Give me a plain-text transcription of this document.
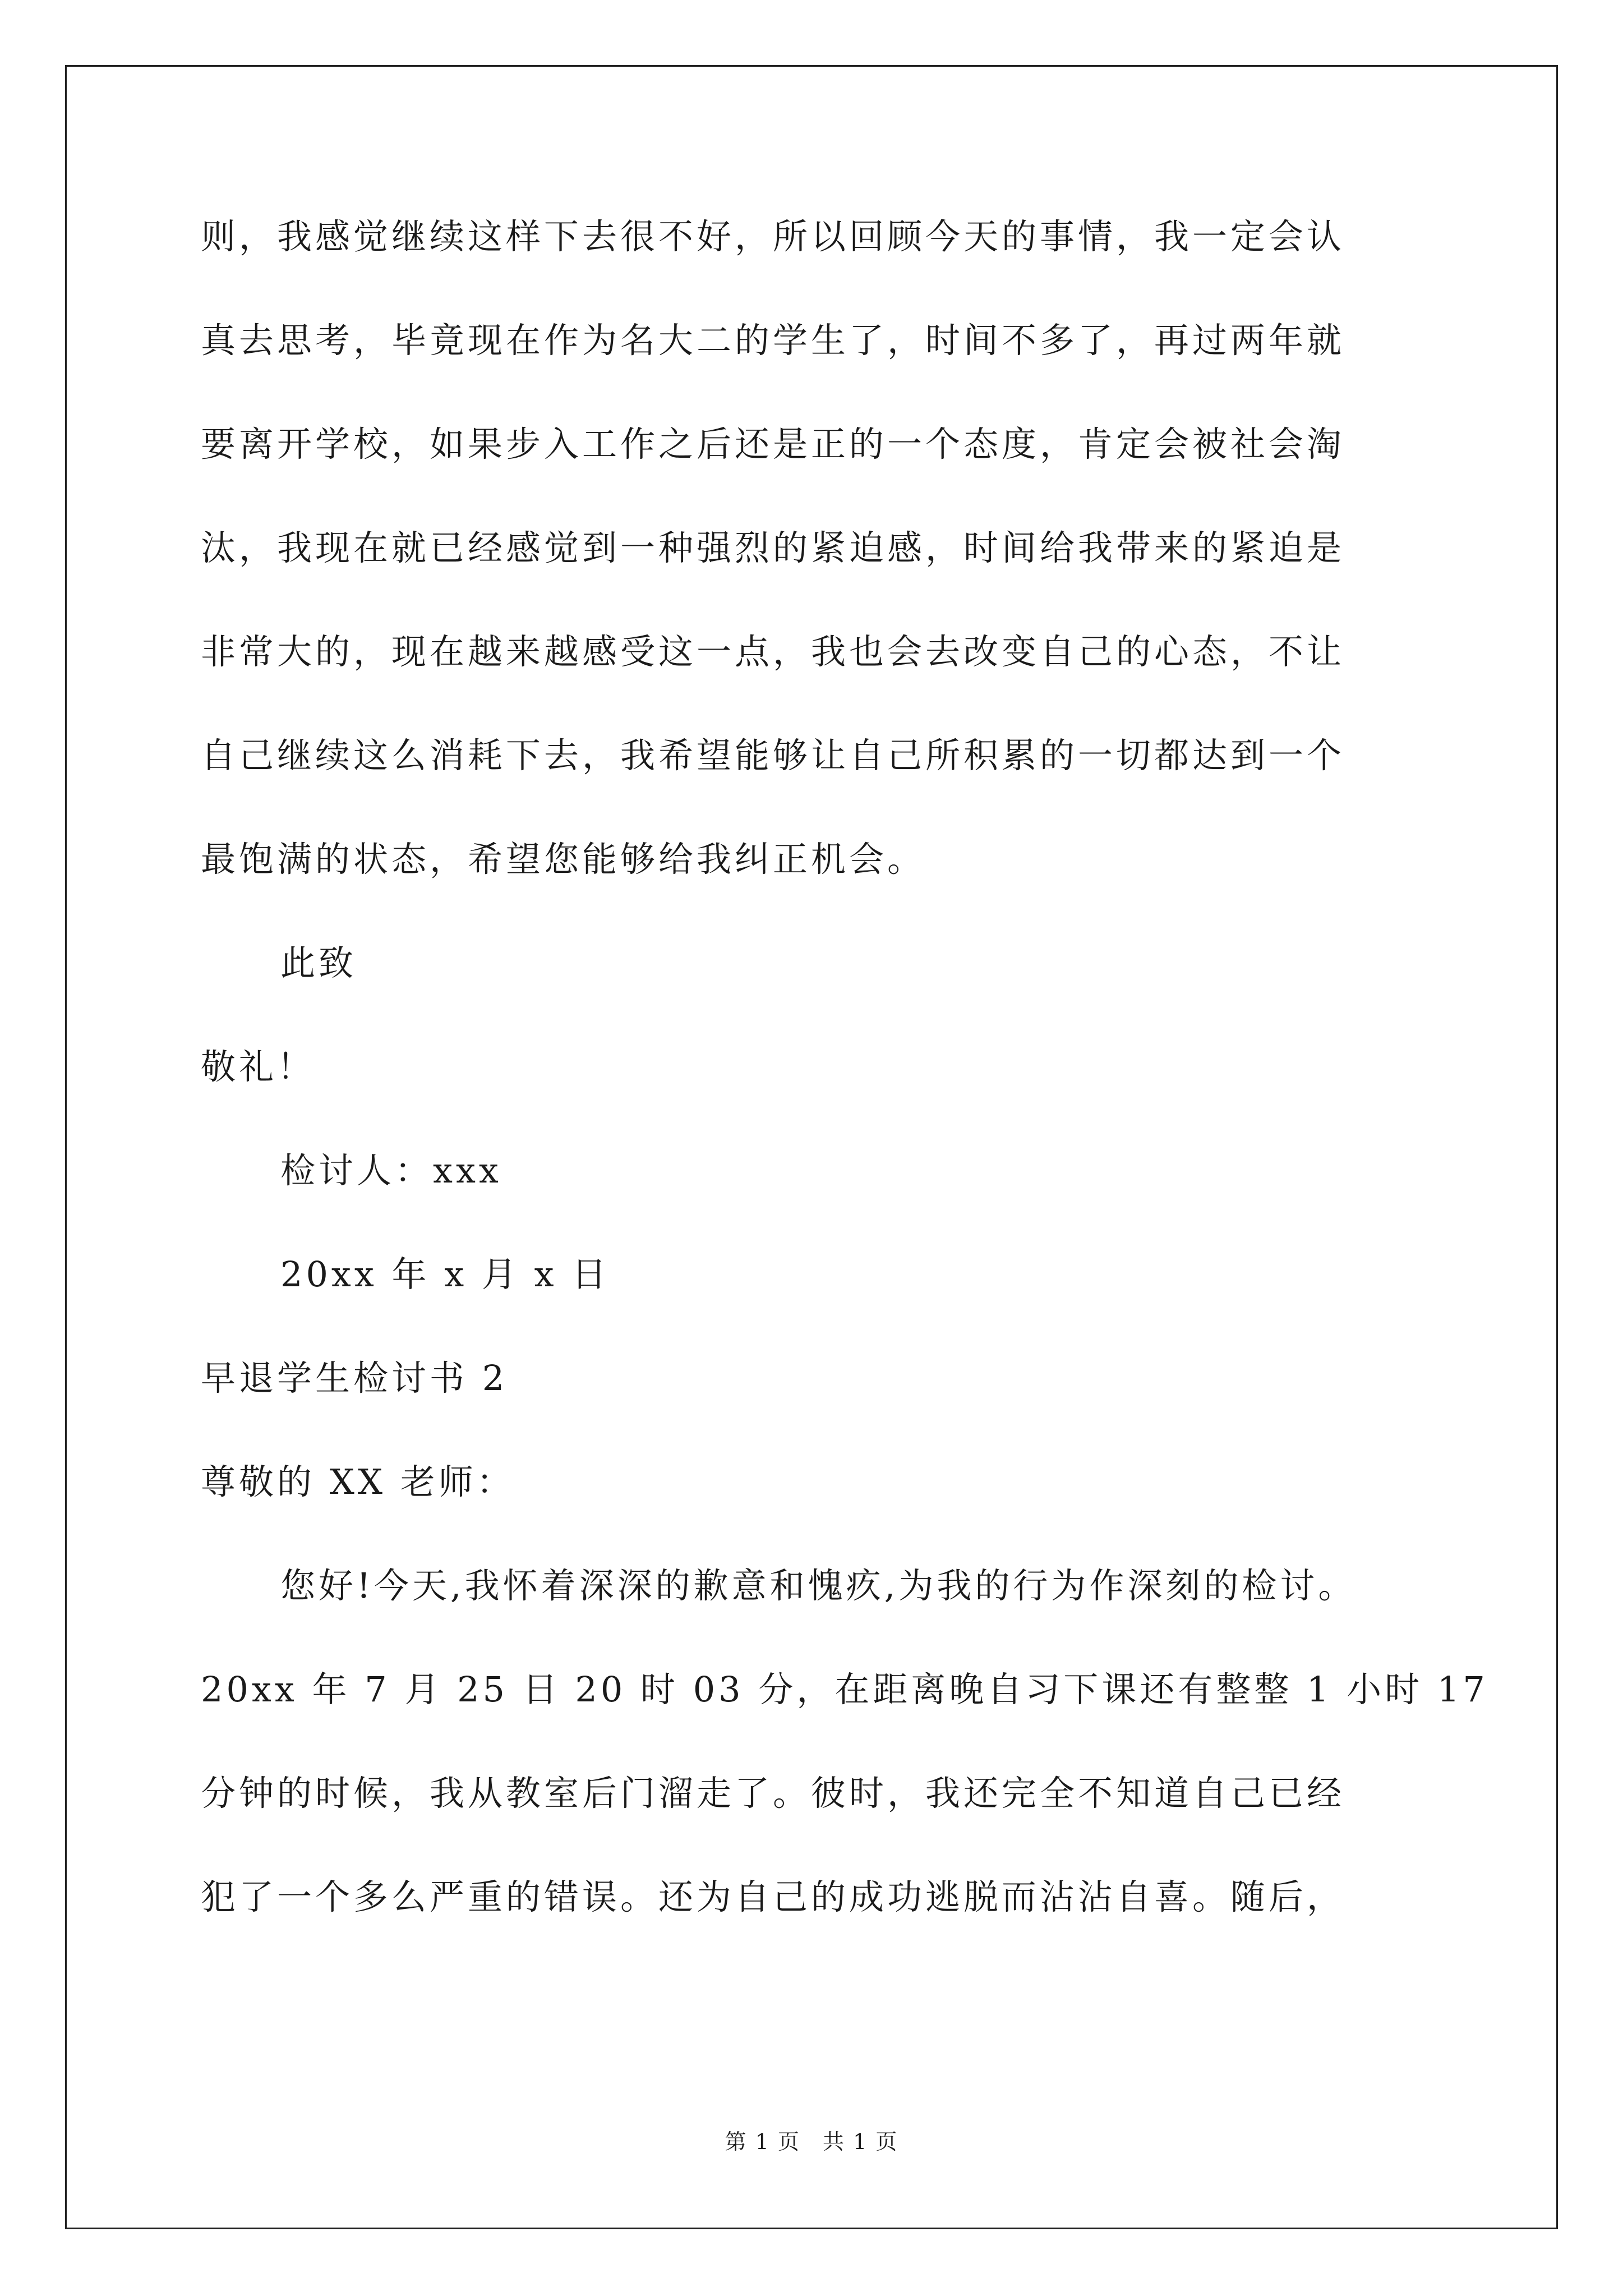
则，我感觉继续这样下去很不好，所以回顾今天的事情，我一定会认
真去思考，毕竟现在作为名大二的学生了，时间不多了，再过两年就
要离开学校，如果步入工作之后还是正的一个态度，肯定会被社会淘
汰，我现在就已经感觉到一种强烈的紧迫感，时间给我带来的紧迫是
非常大的，现在越来越感受这一点，我也会去改变自己的心态，不让
自己继续这么消耗下去，我希望能够让自己所积累的一切都达到一个
最饱满的状态，希望您能够给我纠正机会。
此致
敬礼！
检讨人：xxx
20xx 年 x 月 x 日
早退学生检讨书 2
尊敬的 XX 老师：
您好!今天,我怀着深深的歉意和愧疚,为我的行为作深刻的检讨。
20xx 年 7 月 25 日 20 时 03 分，在距离晚自习下课还有整整 1 小时 17
分钟的时候，我从教室后门溜走了。彼时，我还完全不知道自己已经
犯了一个多么严重的错误。还为自己的成功逃脱而沾沾自喜。随后，
第 1 页　共 1 页
